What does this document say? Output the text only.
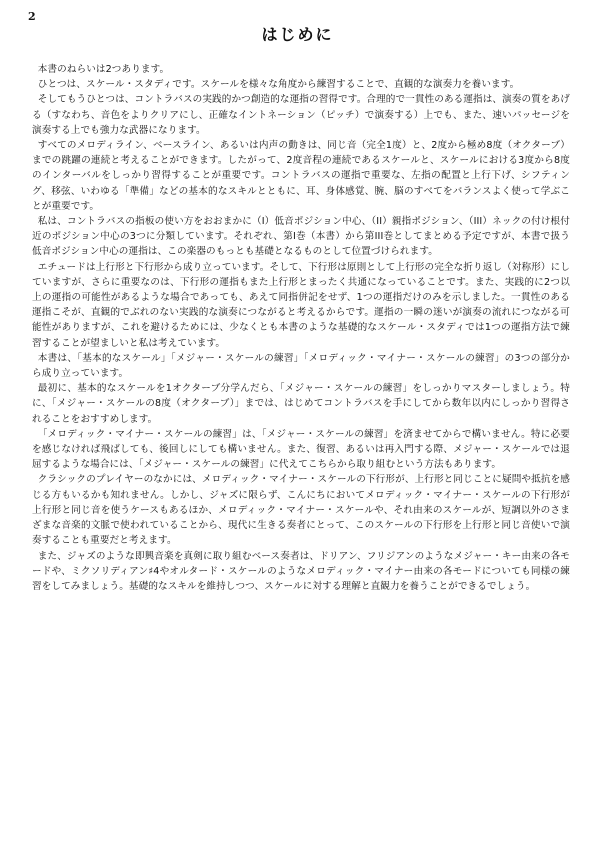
2
はじめに

本書のねらいは2つあります。

ひとつは、スケール・スタディです。スケールを様々な角度から練習することで、直観的な演奏力を養います。

そしてもうひとつは、コントラバスの実践的かつ創造的な運指の習得です。合理的で一貫性のある運指は、演奏の質をあげる（すなわち、音色をよりクリアにし、正確なイントネーション（ピッチ）で演奏する）上でも、また、速いパッセージを演奏する上でも強力な武器になります。

すべてのメロディライン、ベースライン、あるいは内声の動きは、同じ音（完全1度）と、2度から極め8度（オクターブ）までの跳躍の連続と考えることができます。したがって、2度音程の連続であるスケールと、スケールにおける3度から8度のインターバルをしっかり習得することが重要です。コントラバスの運指で重要な、左指の配置と上行下げ、シフティング、移弦、いわゆる「準備」などの基本的なスキルとともに、耳、身体感覚、腕、脳のすべてをバランスよく使って学ぶことが重要です。

私は、コントラバスの指板の使い方をおおまかに（I）低音ポジション中心、（II）親指ポジション、（III）ネックの付け根付近のポジション中心の3つに分類しています。それぞれ、第I巻（本書）から第III巻としてまとめる予定ですが、本書で扱う低音ポジション中心の運指は、この楽器のもっとも基礎となるものとして位置づけられます。

エチュードは上行形と下行形から成り立っています。そして、下行形は原則として上行形の完全な折り返し（対称形）にしていますが、さらに重要なのは、下行形の運指もまた上行形とまったく共通になっていることです。また、実践的に2つ以上の運指の可能性があるような場合であっても、あえて同指併記をせず、1つの運指だけのみを示しました。一貫性のある運指こそが、直観的でぶれのない実践的な演奏につながると考えるからです。運指の一瞬の迷いが演奏の流れにつながる可能性がありますが、これを避けるためには、少なくとも本書のような基礎的なスケール・スタディでは1つの運指方法で練習することが望ましいと私は考えています。

本書は、「基本的なスケール」「メジャー・スケールの練習」「メロディック・マイナー・スケールの練習」の3つの部分から成り立っています。

最初に、基本的なスケールを1オクターブ分学んだら、「メジャー・スケールの練習」をしっかりマスターしましょう。特に、「メジャー・スケールの8度（オクターブ）」までは、はじめてコントラバスを手にしてから数年以内にしっかり習得されることをおすすめします。

「メロディック・マイナー・スケールの練習」は、「メジャー・スケールの練習」を済ませてからで構いません。特に必要を感じなければ飛ばしても、後回しにしても構いません。また、復習、あるいは再入門する際、メジャー・スケールでは退屈するような場合には、「メジャー・スケールの練習」に代えてこちらから取り組むという方法もあります。

クラシックのプレイヤーのなかには、メロディック・マイナー・スケールの下行形が、上行形と同じことに疑問や抵抗を感じる方もいるかも知れません。しかし、ジャズに限らず、こんにちにおいてメロディック・マイナー・スケールの下行形が上行形と同じ音を使うケースもあるほか、メロディック・マイナー・スケールや、それ由来のスケールが、短調以外のさまざまな音楽的文脈で使われていることから、現代に生きる奏者にとって、このスケールの下行形を上行形と同じ音使いで演奏することも重要だと考えます。

また、ジャズのような即興音楽を真剣に取り組むベース奏者は、ドリアン、フリジアンのようなメジャー・キー由来の各モードや、ミクソリディアン♯4やオルタード・スケールのようなメロディック・マイナー由来の各モードについても同様の練習をしてみましょう。基礎的なスキルを維持しつつ、スケールに対する理解と直観力を養うことができるでしょう。
